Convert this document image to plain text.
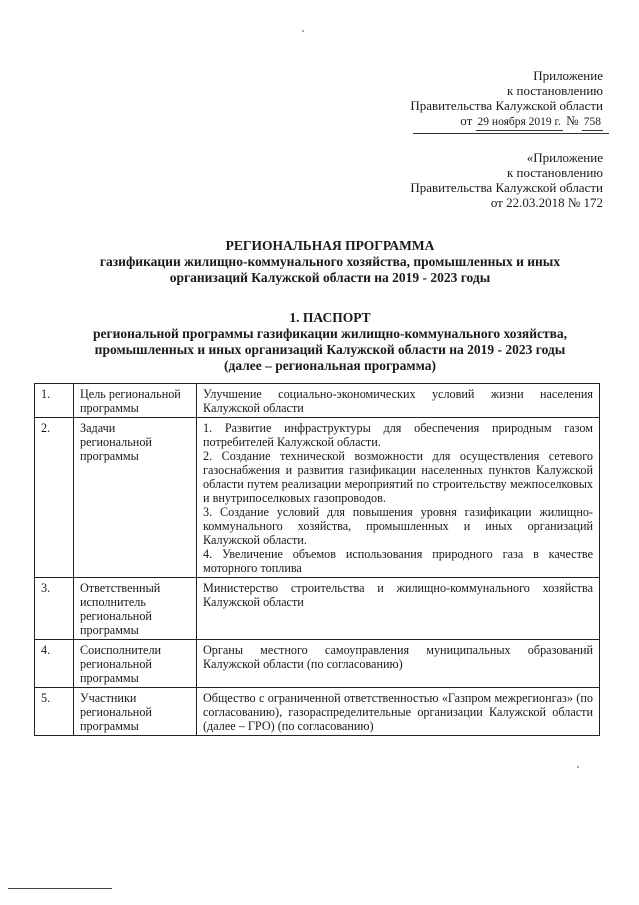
Приложение
к постановлению
Правительства Калужской области
от 29 ноября 2019 г. № 758
«Приложение
к постановлению
Правительства Калужской области
от 22.03.2018 № 172
РЕГИОНАЛЬНАЯ ПРОГРАММА
газификации жилищно-коммунального хозяйства, промышленных и иных
организаций Калужской области на 2019 - 2023 годы
1. ПАСПОРТ
региональной программы газификации жилищно-коммунального хозяйства,
промышленных и иных организаций Калужской области на 2019 - 2023 годы
(далее – региональная программа)
1.	Цель региональной программы	Улучшение социально-экономических условий жизни населения Калужской области

2.	Задачи региональной программы	1. Развитие инфраструктуры для обеспечения природным газом потребителей Калужской области.
2. Создание технической возможности для осуществления сетевого газоснабжения и развития газификации населенных пунктов Калужской области путем реализации мероприятий по строительству межпоселковых и внутрипоселковых газопроводов.
3. Создание условий для повышения уровня газификации жилищно-коммунального хозяйства, промышленных и иных организаций Калужской области.
4. Увеличение объемов использования природного газа в качестве моторного топлива

3.	Ответственный исполнитель региональной программы	Министерство строительства и жилищно-коммунального хозяйства Калужской области

4.	Соисполнители региональной программы	Органы местного самоуправления муниципальных образований Калужской области (по согласованию)

5.	Участники региональной программы	Общество с ограниченной ответственностью «Газпром межрегионгаз» (по согласованию), газораспределительные организации Калужской области (далее – ГРО) (по согласованию)
